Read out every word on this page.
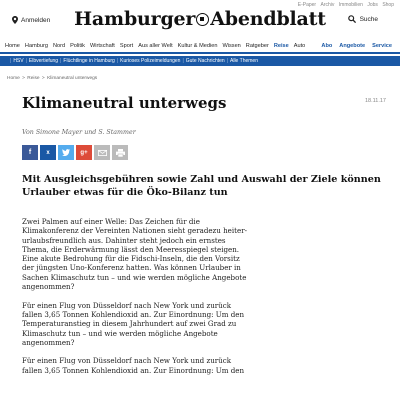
E-Paper Archiv Immobilien Jobs Shop
Anmelden	Hamburger Abendblatt	Suche
Home Hamburg Nord Politik Wirtschaft Sport Aus aller Welt Kultur & Medien Wissen Ratgeber Reise Auto	Abo Angebote Service
| HSV | Elbvertiefung | Flüchtlinge in Hamburg | Kurioses Polizeimeldungen | Gute Nachrichten | Alle Themen
Home > Reise > Klimaneutral unterwegs
Klimaneutral unterwegs	18.11.17
Von Simone Mayer und S. Stammer
f	x	g+

Mit Ausgleichsgebühren sowie Zahl und Auswahl der Ziele können Urlauber etwas für die Öko-Bilanz tun

Zwei Palmen auf einer Welle: Das Zeichen für die Klimakonferenz der Vereinten Nationen sieht geradezu heiter-urlaubsfreundlich aus. Dahinter steht jedoch ein ernstes Thema, die Erderwärmung lässt den Meeresspiegel steigen. Eine akute Bedrohung für die Fidschi-Inseln, die den Vorsitz der jüngsten Uno-Konferenz hatten. Was können Urlauber in Sachen Klimaschutz tun – und wie werden mögliche Angebote angenommen?

Für einen Flug von Düsseldorf nach New York und zurück fallen 3,65 Tonnen Kohlendioxid an. Zur Einordnung: Um den Temperaturanstieg in diesem Jahrhundert auf zwei Grad zu Klimaschutz tun – und wie werden mögliche Angebote angenommen?

Für einen Flug von Düsseldorf nach New York und zurück fallen 3,65 Tonnen Kohlendioxid an. Zur Einordnung: Um den
